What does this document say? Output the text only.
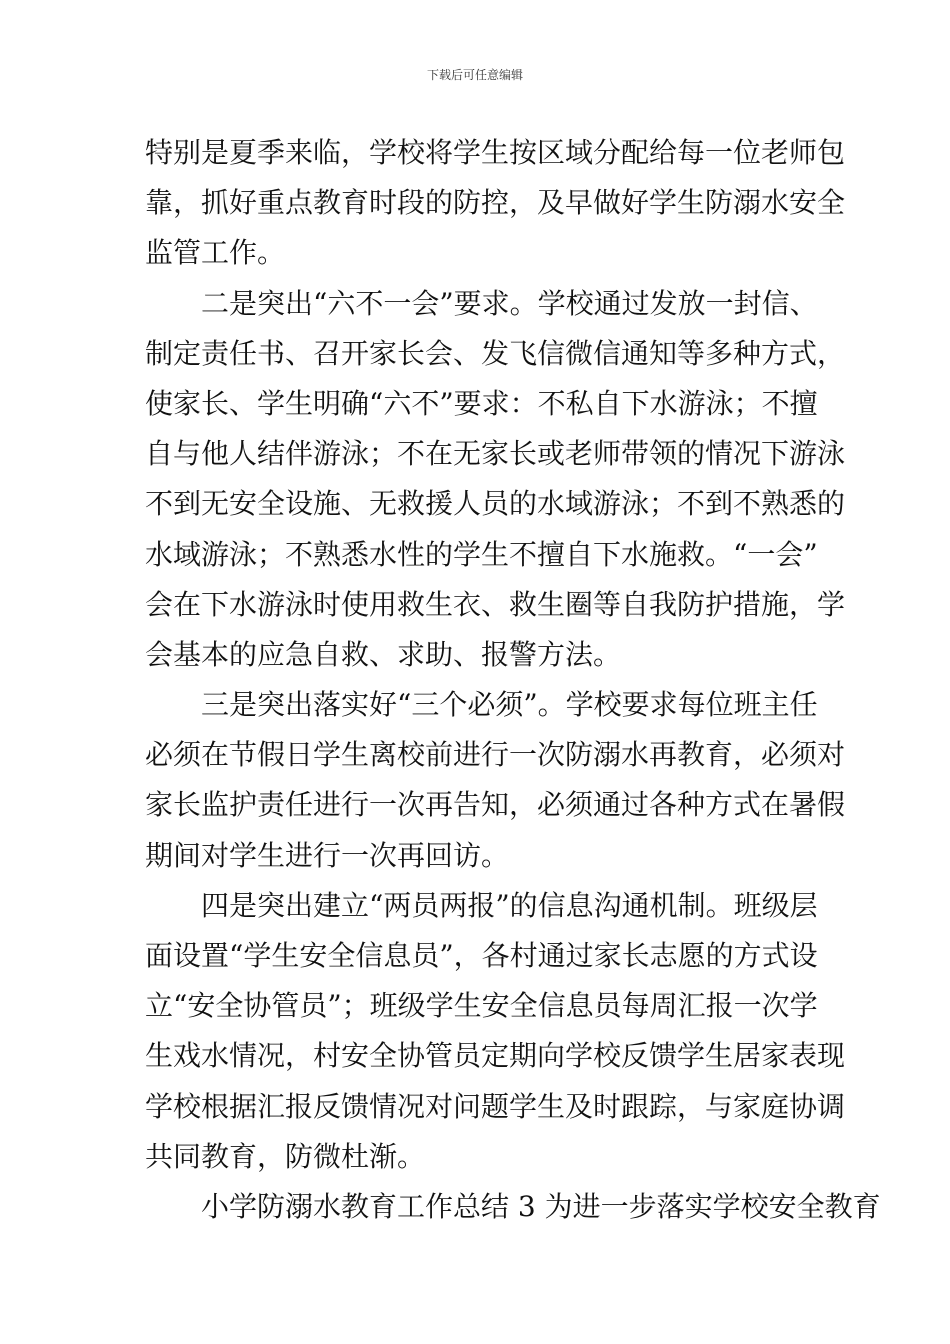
下载后可任意编辑
特别是夏季来临，学校将学生按区域分配给每一位老师包
靠，抓好重点教育时段的防控，及早做好学生防溺水安全
监管工作。
二是突出“六不一会”要求。学校通过发放一封信、
制定责任书、召开家长会、发飞信微信通知等多种方式，
使家长、学生明确“六不”要求：不私自下水游泳；不擅
自与他人结伴游泳；不在无家长或老师带领的情况下游泳
不到无安全设施、无救援人员的水域游泳；不到不熟悉的
水域游泳；不熟悉水性的学生不擅自下水施救。“一会”
会在下水游泳时使用救生衣、救生圈等自我防护措施，学
会基本的应急自救、求助、报警方法。
三是突出落实好“三个必须”。学校要求每位班主任
必须在节假日学生离校前进行一次防溺水再教育，必须对
家长监护责任进行一次再告知，必须通过各种方式在暑假
期间对学生进行一次再回访。
四是突出建立“两员两报”的信息沟通机制。班级层
面设置“学生安全信息员”，各村通过家长志愿的方式设
立“安全协管员”；班级学生安全信息员每周汇报一次学
生戏水情况，村安全协管员定期向学校反馈学生居家表现
学校根据汇报反馈情况对问题学生及时跟踪，与家庭协调
共同教育，防微杜渐。
小学防溺水教育工作总结 3 为进一步落实学校安全教育
